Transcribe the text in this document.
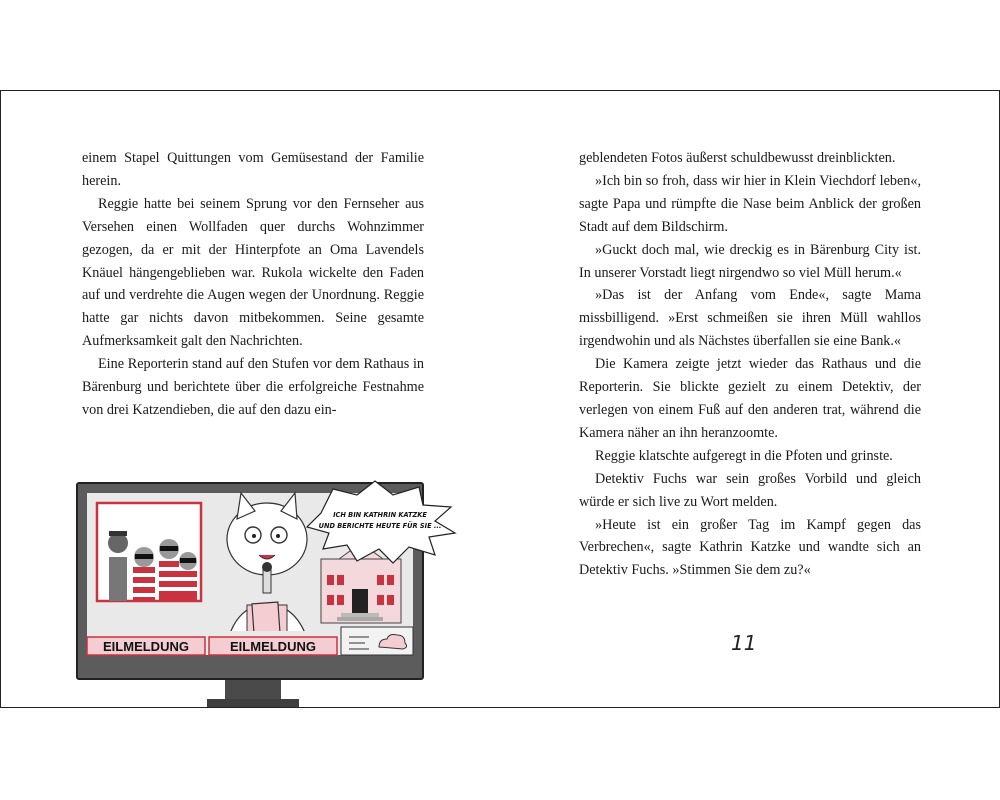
einem Stapel Quittungen vom Gemüsestand der Familie herein.

Reggie hatte bei seinem Sprung vor den Fernseher aus Versehen einen Wollfaden quer durchs Wohnzimmer gezogen, da er mit der Hinterpfote an Oma Lavendels Knäuel hängengeblieben war. Rukola wickelte den Faden auf und verdrehte die Augen wegen der Unordnung. Reggie hatte gar nichts davon mitbekommen. Seine gesamte Aufmerksamkeit galt den Nachrichten.

Eine Reporterin stand auf den Stufen vor dem Rathaus in Bärenburg und berichtete über die erfolgreiche Festnahme von drei Katzendieben, die auf den dazu ein-

geblendeten Fotos äußerst schuldbewusst dreinblickten.

»Ich bin so froh, dass wir hier in Klein Viechdorf leben«, sagte Papa und rümpfte die Nase beim Anblick der großen Stadt auf dem Bildschirm.

»Guckt doch mal, wie dreckig es in Bärenburg City ist. In unserer Vorstadt liegt nirgendwo so viel Müll herum.«

»Das ist der Anfang vom Ende«, sagte Mama missbilligend. »Erst schmeißen sie ihren Müll wahllos irgendwohin und als Nächstes überfallen sie eine Bank.«

Die Kamera zeigte jetzt wieder das Rathaus und die Reporterin. Sie blickte gezielt zu einem Detektiv, der verlegen von einem Fuß auf den anderen trat, während die Kamera näher an ihn heranzoomte.

Reggie klatschte aufgeregt in die Pfoten und grinste.

Detektiv Fuchs war sein großes Vorbild und gleich würde er sich live zu Wort melden.

»Heute ist ein großer Tag im Kampf gegen das Verbrechen«, sagte Kathrin Katzke und wandte sich an Detektiv Fuchs. »Stimmen Sie dem zu?«

11
ICH BIN KATHRIN KATZKE
UND BERICHTE HEUTE FÜR SIE ...
EILMELDUNG	EILMELDUNG
